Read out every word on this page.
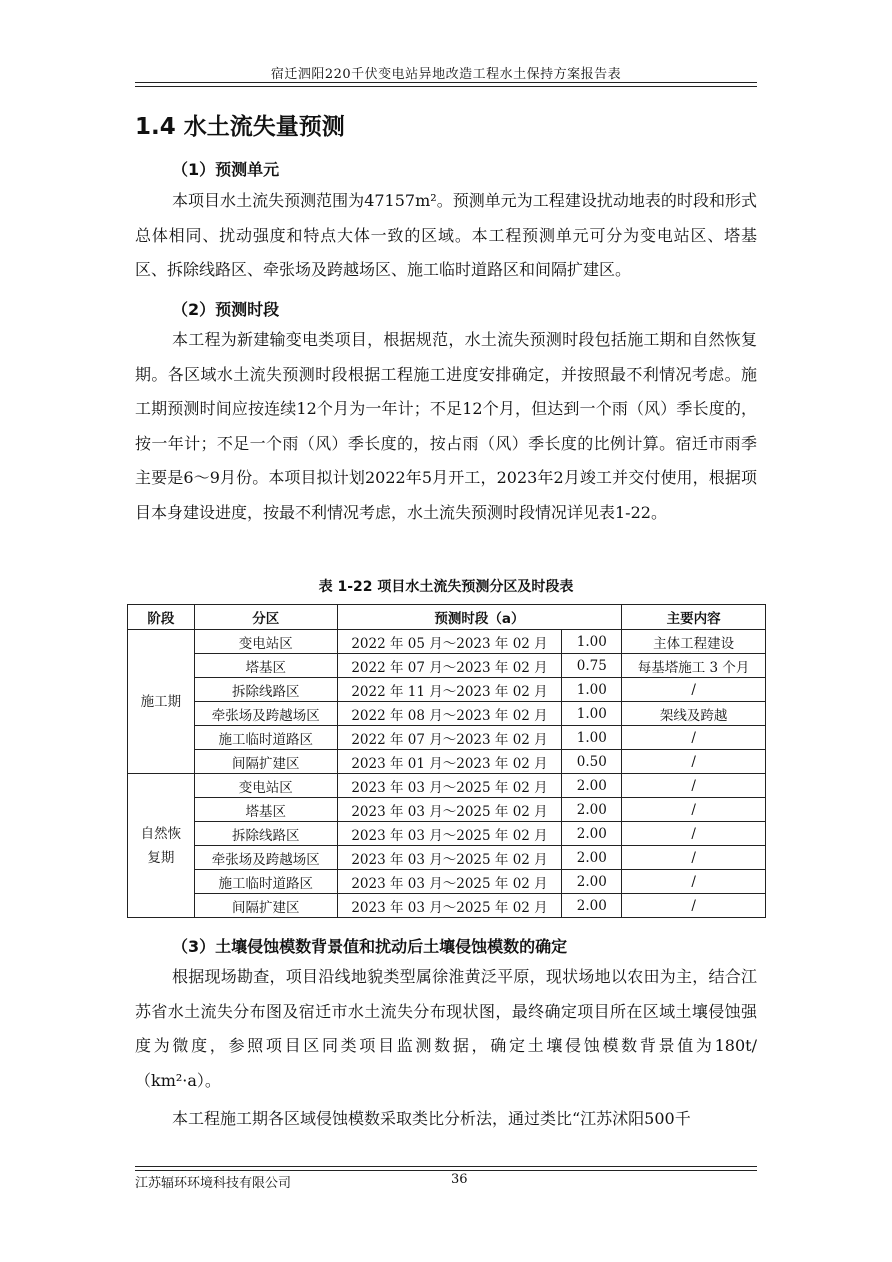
宿迁泗阳220千伏变电站异地改造工程水土保持方案报告表
1.4 水土流失量预测
（1）预测单元

本项目水土流失预测范围为47157m²。预测单元为工程建设扰动地表的时段和形式总体相同、扰动强度和特点大体一致的区域。本工程预测单元可分为变电站区、塔基区、拆除线路区、牵张场及跨越场区、施工临时道路区和间隔扩建区。

（2）预测时段

本工程为新建输变电类项目，根据规范，水土流失预测时段包括施工期和自然恢复期。各区域水土流失预测时段根据工程施工进度安排确定，并按照最不利情况考虑。施工期预测时间应按连续12个月为一年计；不足12个月，但达到一个雨（风）季长度的，按一年计；不足一个雨（风）季长度的，按占雨（风）季长度的比例计算。宿迁市雨季主要是6～9月份。本项目拟计划2022年5月开工，2023年2月竣工并交付使用，根据项目本身建设进度，按最不利情况考虑，水土流失预测时段情况详见表1-22。

表 1-22 项目水土流失预测分区及时段表
阶段	分区	预测时段（a）		主要内容
施工期	变电站区	2022 年 05 月～2023 年 02 月	1.00	主体工程建设
	塔基区	2022 年 07 月～2023 年 02 月	0.75	每基塔施工 3 个月
	拆除线路区	2022 年 11 月～2023 年 02 月	1.00	/
	牵张场及跨越场区	2022 年 08 月～2023 年 02 月	1.00	架线及跨越
	施工临时道路区	2022 年 07 月～2023 年 02 月	1.00	/
	间隔扩建区	2023 年 01 月～2023 年 02 月	0.50	/

自然恢复期	变电站区	2023 年 03 月～2025 年 02 月	2.00	/
	塔基区	2023 年 03 月～2025 年 02 月	2.00	/
	拆除线路区	2023 年 03 月～2025 年 02 月	2.00	/
	牵张场及跨越场区	2023 年 03 月～2025 年 02 月	2.00	/
	施工临时道路区	2023 年 03 月～2025 年 02 月	2.00	/
	间隔扩建区	2023 年 03 月～2025 年 02 月	2.00	/
（3）土壤侵蚀模数背景值和扰动后土壤侵蚀模数的确定

根据现场勘查，项目沿线地貌类型属徐淮黄泛平原，现状场地以农田为主，结合江苏省水土流失分布图及宿迁市水土流失分布现状图，最终确定项目所在区域土壤侵蚀强度为微度，参照项目区同类项目监测数据，确定土壤侵蚀模数背景值为180t/（km²·a）。

本工程施工期各区域侵蚀模数采取类比分析法，通过类比“江苏沭阳500千

江苏辐环环境科技有限公司	36
